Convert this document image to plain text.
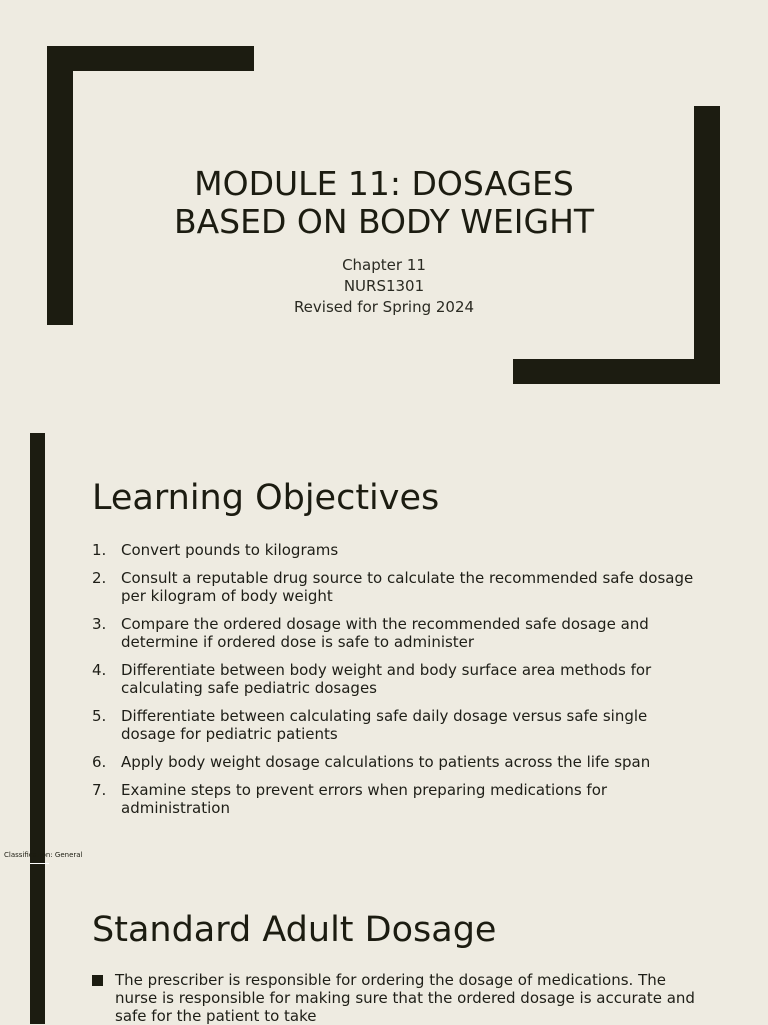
MODULE 11: DOSAGES
BASED ON BODY WEIGHT
Chapter 11
NURS1301
Revised for Spring 2024
Learning Objectives
1. Convert pounds to kilograms
2. Consult a reputable drug source to calculate the recommended safe dosage per kilogram of body weight
3. Compare the ordered dosage with the recommended safe dosage and determine if ordered dose is safe to administer
4. Differentiate between body weight and body surface area methods for calculating safe pediatric dosages
5. Differentiate between calculating safe daily dosage versus safe single dosage for pediatric patients
6. Apply body weight dosage calculations to patients across the life span
7. Examine steps to prevent errors when preparing medications for administration
Classification: General
Standard Adult Dosage
The prescriber is responsible for ordering the dosage of medications. The nurse is responsible for making sure that the ordered dosage is accurate and safe for the patient to take
